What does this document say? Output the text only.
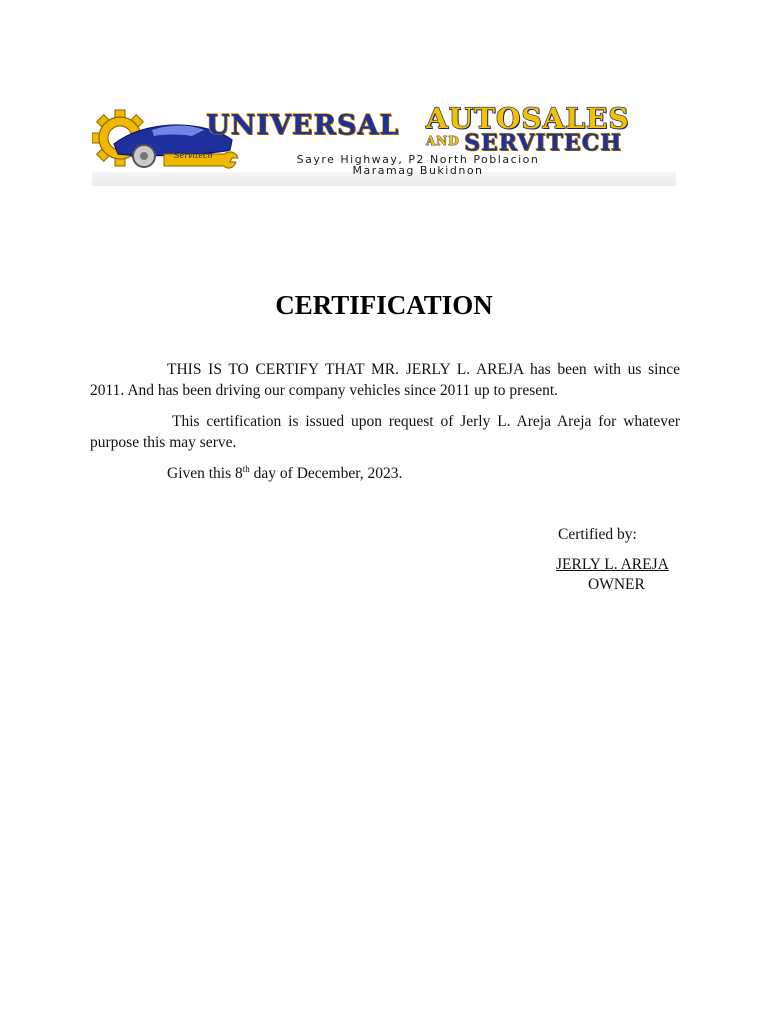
Servitech
UNIVERSAL AUTOSALES
AND SERVITECH
Sayre Highway, P2 North Poblacion
Maramag Bukidnon
CERTIFICATION

THIS IS TO CERTIFY THAT MR. JERLY L. AREJA has been with us since 2011. And has been driving our company vehicles since 2011 up to present.

This certification is issued upon request of Jerly L. Areja Areja for whatever purpose this may serve.

Given this 8th day of December, 2023.

Certified by:
JERLY L. AREJA
OWNER
